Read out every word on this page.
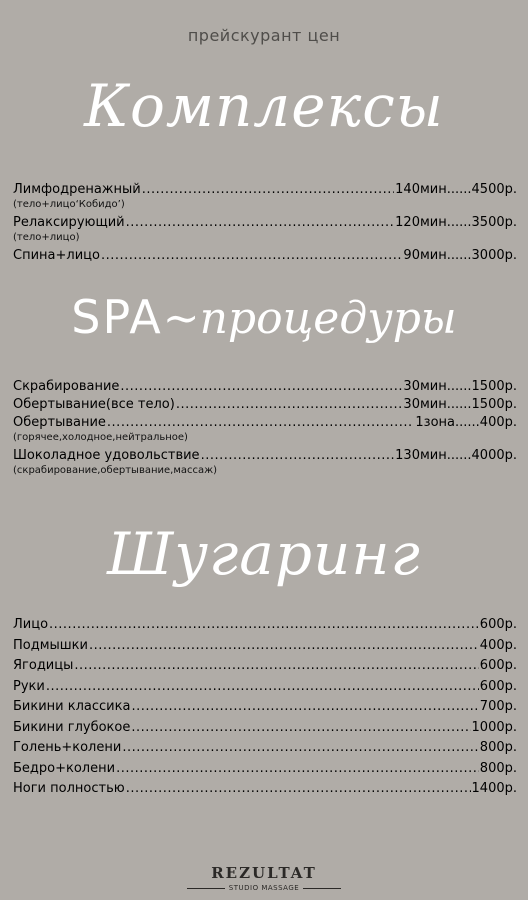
прейскурант цен
Комплексы
Лимфодренажный .....	140мин ...... 4500р.
(тело+лицо‘Кобидо’)
Релаксирующий .....	120мин ...... 3500р.
(тело+лицо)
Спина+лицо .....	90мин ...... 3000р.
SPA~процедуры
Скрабирование .....	30мин ...... 1500р.
Обертывание(все тело) .....	30мин ...... 1500р.
Обертывание .....	1зона ...... 400р.
(горячее,холодное,нейтральное)
Шоколадное удовольствие .....	130мин ...... 4000р.
(скрабирование,обертывание,массаж)
Шугаринг
Лицо .....	600р.
Подмышки .....	400р.
Ягодицы .....	600р.
Руки .....	600р.
Бикини классика .....	700р.
Бикини глубокое .....	1000р.
Голень+колени .....	800р.
Бедро+колени .....	800р.
Ноги полностью .....	1400р.
REZULTAT
STUDIO MASSAGE
